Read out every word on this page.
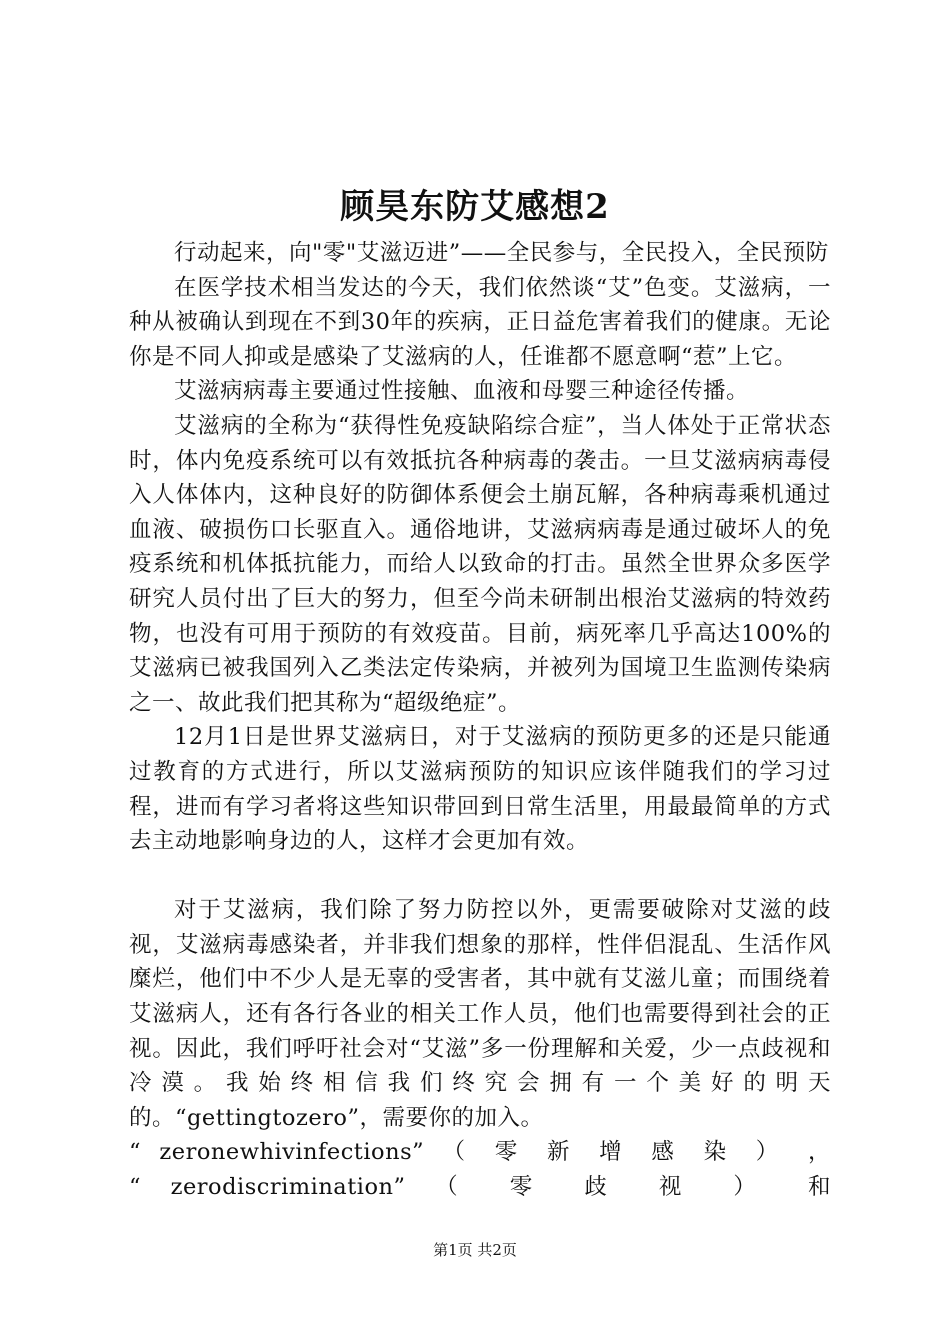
顾昊东防艾感想2

行动起来，向"零"艾滋迈进”——全民参与，全民投入，全民预防

在医学技术相当发达的今天，我们依然谈“艾”色变。艾滋病，一种从被确认到现在不到30年的疾病，正日益危害着我们的健康。无论你是不同人抑或是感染了艾滋病的人，任谁都不愿意啊“惹”上它。

艾滋病病毒主要通过性接触、血液和母婴三种途径传播。

艾滋病的全称为“获得性免疫缺陷综合症”，当人体处于正常状态时，体内免疫系统可以有效抵抗各种病毒的袭击。一旦艾滋病病毒侵入人体体内，这种良好的防御体系便会土崩瓦解，各种病毒乘机通过血液、破损伤口长驱直入。通俗地讲，艾滋病病毒是通过破坏人的免疫系统和机体抵抗能力，而给人以致命的打击。虽然全世界众多医学研究人员付出了巨大的努力，但至今尚未研制出根治艾滋病的特效药物，也没有可用于预防的有效疫苗。目前，病死率几乎高达100%的艾滋病已被我国列入乙类法定传染病，并被列为国境卫生监测传染病之一、故此我们把其称为“超级绝症”。

12月1日是世界艾滋病日，对于艾滋病的预防更多的还是只能通过教育的方式进行，所以艾滋病预防的知识应该伴随我们的学习过程，进而有学习者将这些知识带回到日常生活里，用最最简单的方式去主动地影响身边的人，这样才会更加有效。

对于艾滋病，我们除了努力防控以外，更需要破除对艾滋的歧视，艾滋病毒感染者，并非我们想象的那样，性伴侣混乱、生活作风糜烂，他们中不少人是无辜的受害者，其中就有艾滋儿童；而围绕着艾滋病人，还有各行各业的相关工作人员，他们也需要得到社会的正视。因此，我们呼吁社会对“艾滋”多一份理解和关爱，少一点歧视和冷漠。我始终相信我们终究会拥有一个美好的明天的。“gettingtozero”，需要你的加入。

“ zeronewhivinfections” （ 零 新 增 感 染 ） ，

“ zerodiscrimination” （ 零 歧 视 ） 和

第1页 共2页
